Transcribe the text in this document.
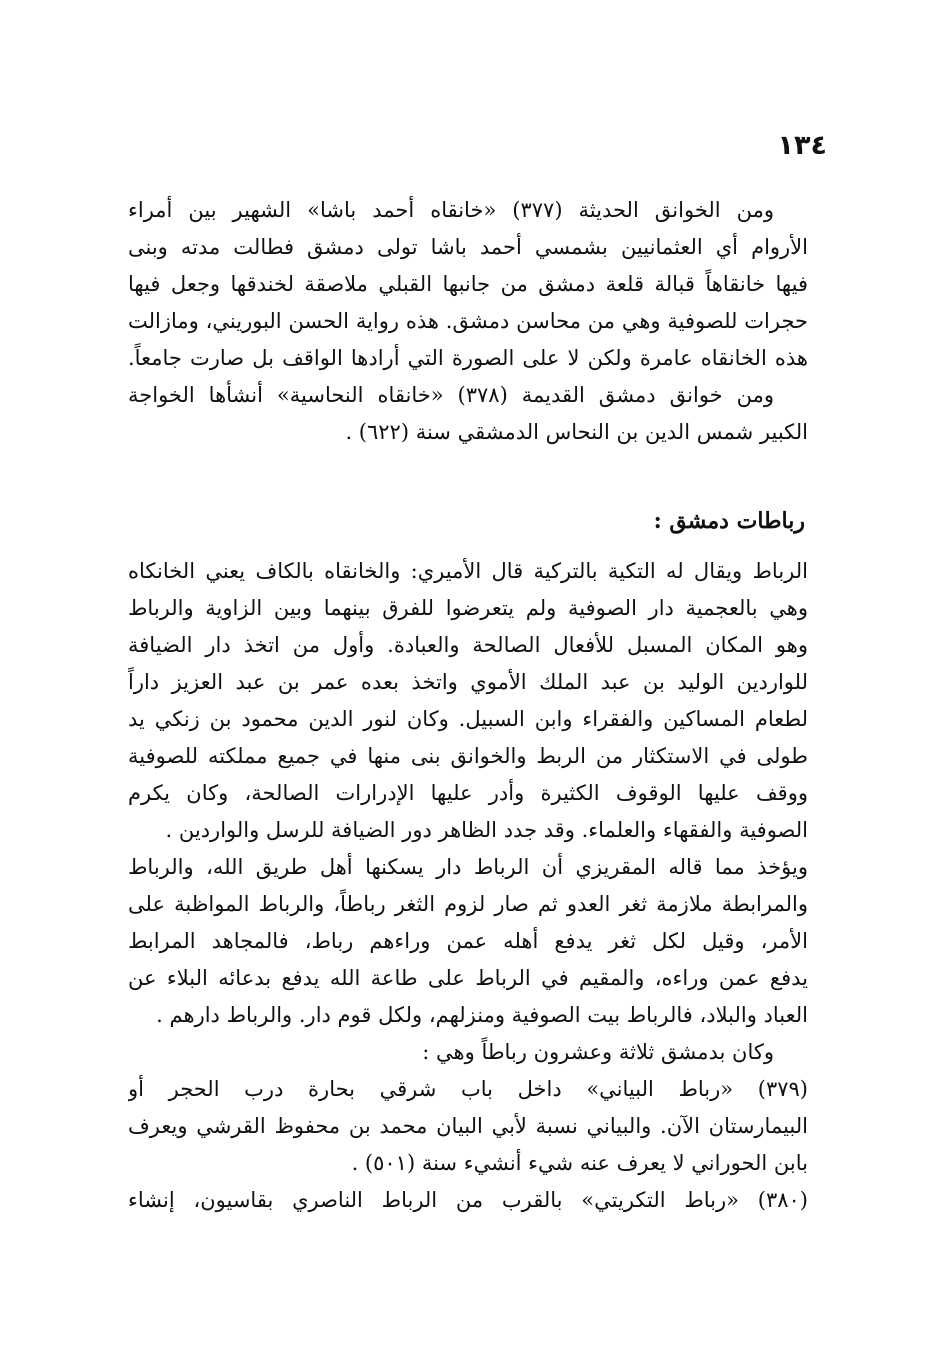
١٣٤
ومن الخوانق الحديثة (٣٧٧) «خانقاه أحمد باشا» الشهير بين أمراء
الأروام أي العثمانيين بشمسي أحمد باشا تولى دمشق فطالت مدته وبنى
فيها خانقاهاً قبالة قلعة دمشق من جانبها القبلي ملاصقة لخندقها وجعل فيها
حجرات للصوفية وهي من محاسن دمشق. هذه رواية الحسن البوريني، ومازالت
هذه الخانقاه عامرة ولكن لا على الصورة التي أرادها الواقف بل صارت جامعاً.
ومن خوانق دمشق القديمة (٣٧٨) «خانقاه النحاسية» أنشأها الخواجة
الكبير شمس الدين بن النحاس الدمشقي سنة (٦٢٢) .
رباطات دمشق :
الرباط ويقال له التكية بالتركية قال الأميري: والخانقاه بالكاف يعني الخانكاه
وهي بالعجمية دار الصوفية ولم يتعرضوا للفرق بينهما وبين الزاوية والرباط
وهو المكان المسبل للأفعال الصالحة والعبادة. وأول من اتخذ دار الضيافة
للواردين الوليد بن عبد الملك الأموي واتخذ بعده عمر بن عبد العزيز داراً
لطعام المساكين والفقراء وابن السبيل. وكان لنور الدين محمود بن زنكي يد
طولى في الاستكثار من الربط والخوانق بنى منها في جميع مملكته للصوفية
ووقف عليها الوقوف الكثيرة وأدر عليها الإدرارات الصالحة، وكان يكرم
الصوفية والفقهاء والعلماء. وقد جدد الظاهر دور الضيافة للرسل والواردين .
ويؤخذ مما قاله المقريزي أن الرباط دار يسكنها أهل طريق الله، والرباط
والمرابطة ملازمة ثغر العدو ثم صار لزوم الثغر رباطاً، والرباط المواظبة على
الأمر، وقيل لكل ثغر يدفع أهله عمن وراءهم رباط، فالمجاهد المرابط
يدفع عمن وراءه، والمقيم في الرباط على طاعة الله يدفع بدعائه البلاء عن
العباد والبلاد، فالرباط بيت الصوفية ومنزلهم، ولكل قوم دار. والرباط دارهم .
وكان بدمشق ثلاثة وعشرون رباطاً وهي :
(٣٧٩) «رباط البياني» داخل باب شرقي بحارة درب الحجر أو
البيمارستان الآن. والبياني نسبة لأبي البيان محمد بن محفوظ القرشي ويعرف
بابن الحوراني لا يعرف عنه شيء أنشيء سنة (٥٠١) .
(٣٨٠) «رباط التكريتي» بالقرب من الرباط الناصري بقاسيون، إنشاء
